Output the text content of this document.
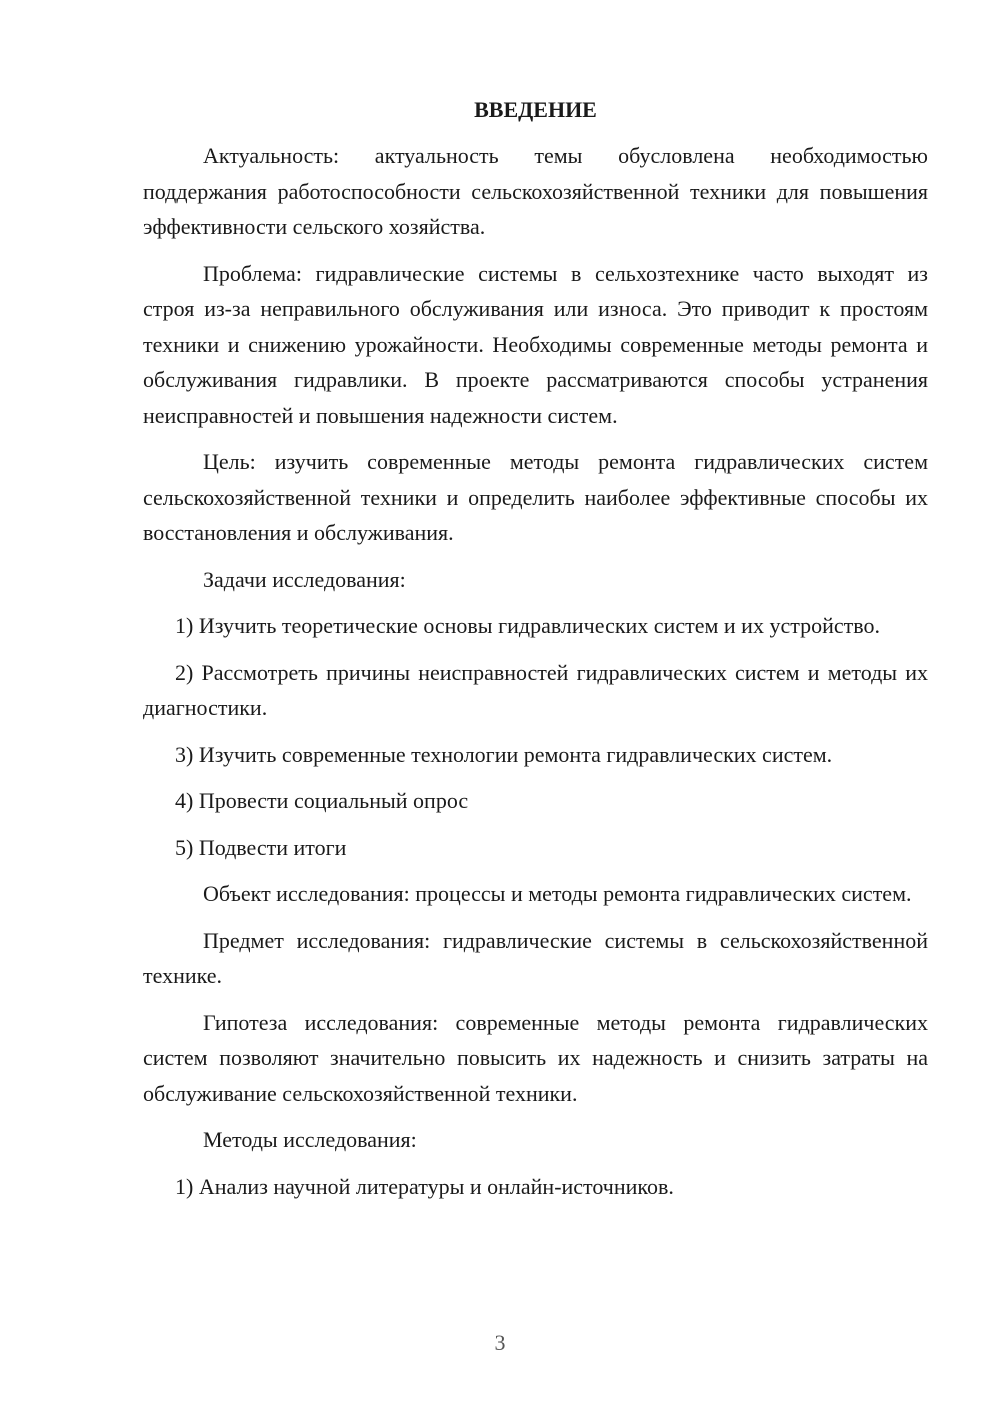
ВВЕДЕНИЕ

Актуальность: актуальность темы обусловлена необходимостью поддержания работоспособности сельскохозяйственной техники для повышения эффективности сельского хозяйства.

Проблема: гидравлические системы в сельхозтехнике часто выходят из строя из-за неправильного обслуживания или износа. Это приводит к простоям техники и снижению урожайности. Необходимы современные методы ремонта и обслуживания гидравлики. В проекте рассматриваются способы устранения неисправностей и повышения надежности систем.

Цель: изучить современные методы ремонта гидравлических систем сельскохозяйственной техники и определить наиболее эффективные способы их восстановления и обслуживания.

Задачи исследования:

1) Изучить теоретические основы гидравлических систем и их устройство.

2) Рассмотреть причины неисправностей гидравлических систем и методы их диагностики.

3) Изучить современные технологии ремонта гидравлических систем.

4) Провести социальный опрос

5) Подвести итоги

Объект исследования: процессы и методы ремонта гидравлических систем.

Предмет исследования: гидравлические системы в сельскохозяйственной технике.

Гипотеза исследования: современные методы ремонта гидравлических систем позволяют значительно повысить их надежность и снизить затраты на обслуживание сельскохозяйственной техники.

Методы исследования:

1) Анализ научной литературы и онлайн-источников.

3
